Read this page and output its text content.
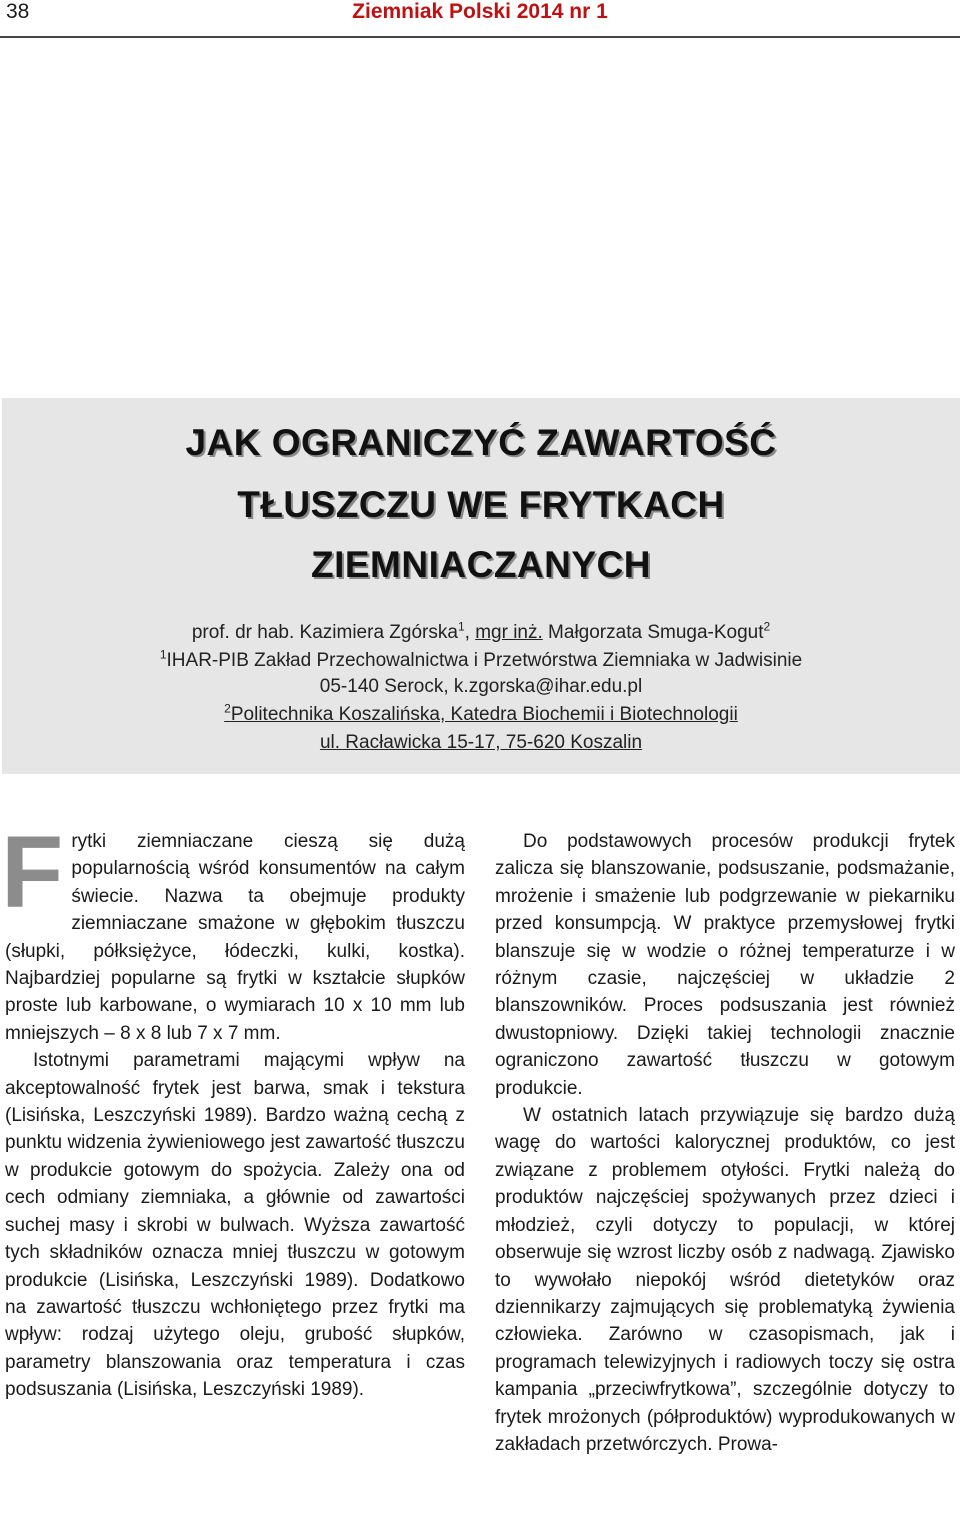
38	Ziemniak Polski 2014 nr 1
JAK OGRANICZYĆ ZAWARTOŚĆ
TŁUSZCZU WE FRYTKACH
ZIEMNIACZANYCH
prof. dr hab. Kazimiera Zgórska$^1$, mgr inż. Małgorzata Smuga-Kogut$^2$
$^1$IHAR-PIB Zakład Przechowalnictwa i Przetwórstwa Ziemniaka w Jadwisinie
05-140 Serock, k.zgorska@ihar.edu.pl
$^2$Politechnika Koszalińska, Katedra Biochemii i Biotechnologii
ul. Racławicka 15-17, 75-620 Koszalin

Frytki ziemniaczane cieszą się dużą popularnością wśród konsumentów na całym świecie. Nazwa ta obejmuje produkty ziemniaczane smażone w głębokim tłuszczu (słupki, półksiężyce, łódeczki, kulki, kostka). Najbardziej popularne są frytki w kształcie słupków proste lub karbowane, o wymiarach 10 x 10 mm lub mniejszych – 8 x 8 lub 7 x 7 mm.

Istotnymi parametrami mającymi wpływ na akceptowalność frytek jest barwa, smak i tekstura (Lisińska, Leszczyński 1989). Bardzo ważną cechą z punktu widzenia żywieniowego jest zawartość tłuszczu w produkcie gotowym do spożycia. Zależy ona od cech odmiany ziemniaka, a głównie od zawartości suchej masy i skrobi w bulwach. Wyższa zawartość tych składników oznacza mniej tłuszczu w gotowym produkcie (Lisińska, Leszczyński 1989). Dodatkowo na zawartość tłuszczu wchłoniętego przez frytki ma wpływ: rodzaj użytego oleju, grubość słupków, parametry blanszowania oraz temperatura i czas podsuszania (Lisińska, Leszczyński 1989).

Do podstawowych procesów produkcji frytek zalicza się blanszowanie, podsuszanie, podsmażanie, mrożenie i smażenie lub podgrzewanie w piekarniku przed konsumpcją. W praktyce przemysłowej frytki blanszuje się w wodzie o różnej temperaturze i w różnym czasie, najczęściej w układzie 2 blanszowników. Proces podsuszania jest również dwustopniowy. Dzięki takiej technologii znacznie ograniczono zawartość tłuszczu w gotowym produkcie.

W ostatnich latach przywiązuje się bardzo dużą wagę do wartości kalorycznej produktów, co jest związane z problemem otyłości. Frytki należą do produktów najczęściej spożywanych przez dzieci i młodzież, czyli dotyczy to populacji, w której obserwuje się wzrost liczby osób z nadwagą. Zjawisko to wywołało niepokój wśród dietetyków oraz dziennikarzy zajmujących się problematyką żywienia człowieka. Zarówno w czasopismach, jak i programach telewizyjnych i radiowych toczy się ostra kampania „przeciwfrytkowa”, szczególnie dotyczy to frytek mrożonych (półproduktów) wyprodukowanych w zakładach przetwórczych. Prowa-
